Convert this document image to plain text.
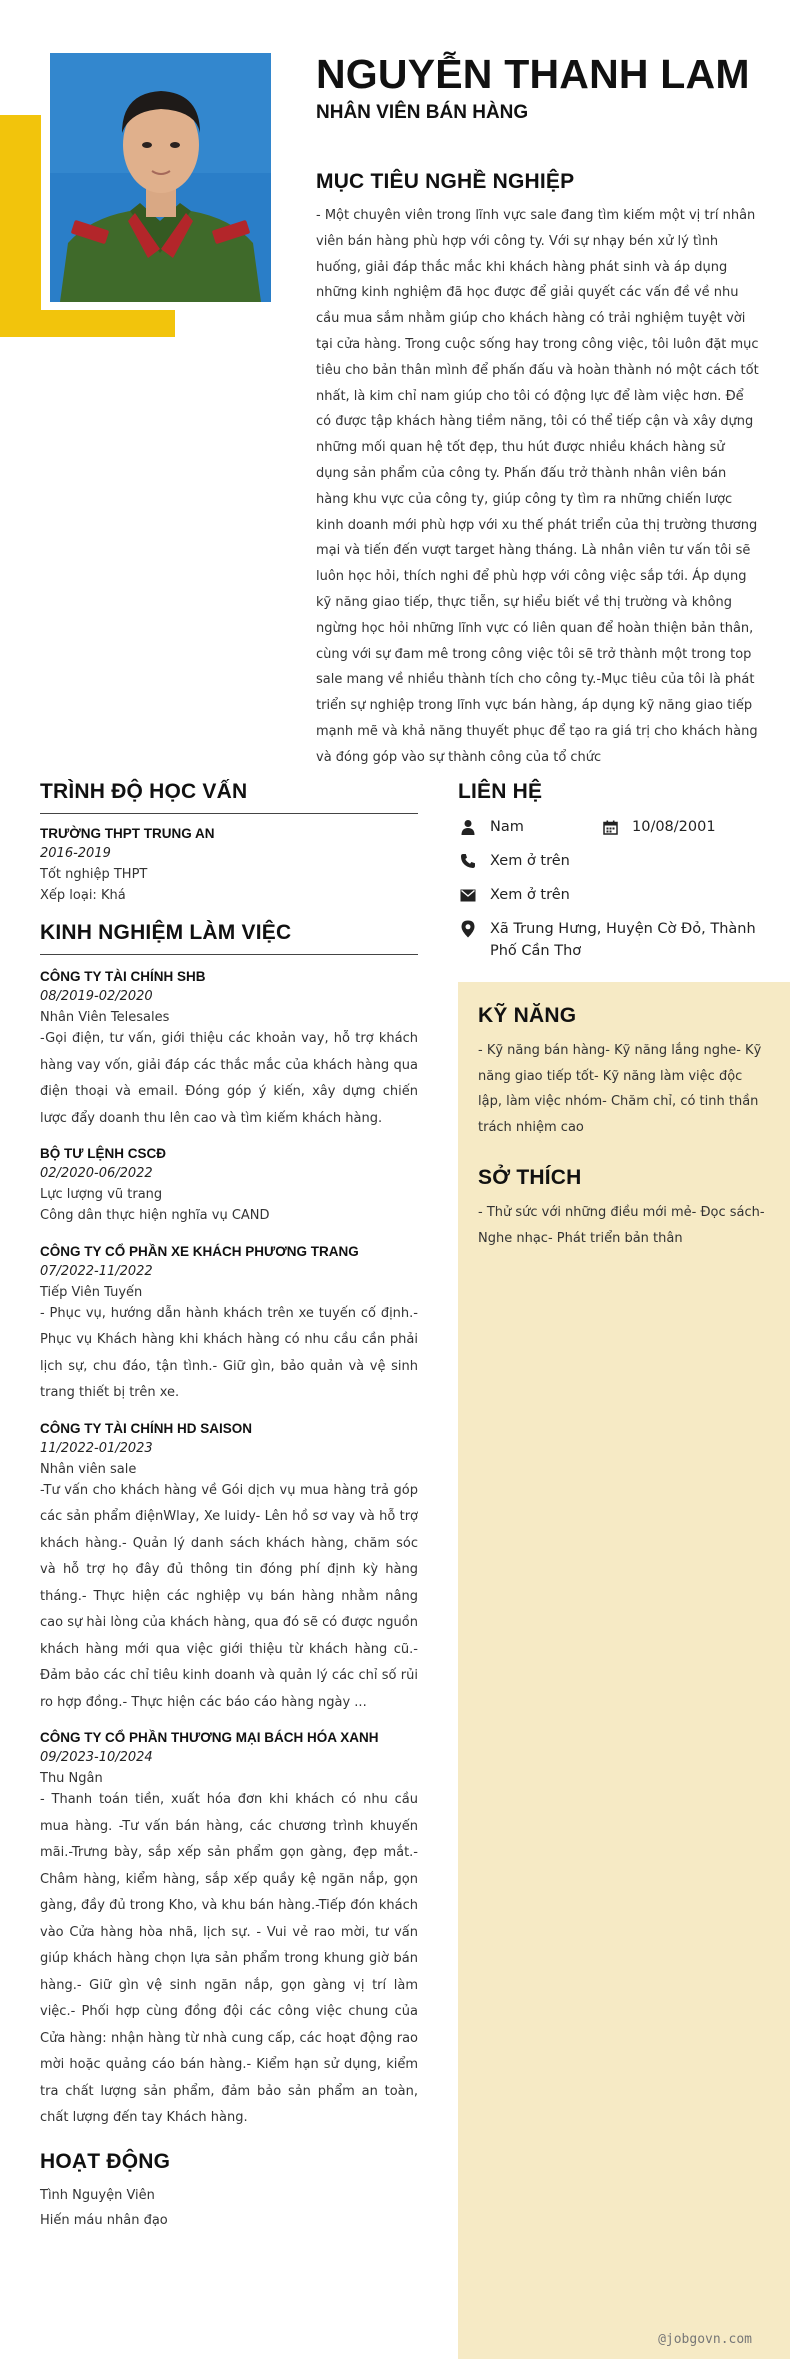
NGUYỄN THANH LAM
NHÂN VIÊN BÁN HÀNG
MỤC TIÊU NGHỀ NGHIỆP
- Một chuyên viên trong lĩnh vực sale đang tìm kiếm một vị trí nhân viên bán hàng phù hợp với công ty. Với sự nhạy bén xử lý tình huống, giải đáp thắc mắc khi khách hàng phát sinh và áp dụng những kinh nghiệm đã học được để giải quyết các vấn đề về nhu cầu mua sắm nhằm giúp cho khách hàng có trải nghiệm tuyệt vời tại cửa hàng. Trong cuộc sống hay trong công việc, tôi luôn đặt mục tiêu cho bản thân mình để phấn đấu và hoàn thành nó một cách tốt nhất, là kim chỉ nam giúp cho tôi có động lực để làm việc hơn. Để có được tập khách hàng tiềm năng, tôi có thể tiếp cận và xây dựng những mối quan hệ tốt đẹp, thu hút được nhiều khách hàng sử dụng sản phẩm của công ty. Phấn đấu trở thành nhân viên bán hàng khu vực của công ty, giúp công ty tìm ra những chiến lược kinh doanh mới phù hợp với xu thế phát triển của thị trường thương mại và tiến đến vượt target hàng tháng. Là nhân viên tư vấn tôi sẽ luôn học hỏi, thích nghi để phù hợp với công việc sắp tới. Áp dụng kỹ năng giao tiếp, thực tiễn, sự hiểu biết về thị trường và không ngừng học hỏi những lĩnh vực có liên quan để hoàn thiện bản thân, cùng với sự đam mê trong công việc tôi sẽ trở thành một trong top sale mang về nhiều thành tích cho công ty.-Mục tiêu của tôi là phát triển sự nghiệp trong lĩnh vực bán hàng, áp dụng kỹ năng giao tiếp mạnh mẽ và khả năng thuyết phục để tạo ra giá trị cho khách hàng và đóng góp vào sự thành công của tổ chức
TRÌNH ĐỘ HỌC VẤN
TRƯỜNG THPT TRUNG AN
2016-2019
Tốt nghiệp THPT
Xếp loại: Khá
KINH NGHIỆM LÀM VIỆC
CÔNG TY TÀI CHÍNH SHB
08/2019-02/2020
Nhân Viên Telesales
-Gọi điện, tư vấn, giới thiệu các khoản vay, hỗ trợ khách hàng vay vốn, giải đáp các thắc mắc của khách hàng qua điện thoại và email. Đóng góp ý kiến, xây dựng chiến lược đẩy doanh thu lên cao và tìm kiếm khách hàng.
BỘ TƯ LỆNH CSCĐ
02/2020-06/2022
Lực lượng vũ trang
Công dân thực hiện nghĩa vụ CAND
CÔNG TY CỔ PHẦN XE KHÁCH PHƯƠNG TRANG
07/2022-11/2022
Tiếp Viên Tuyến
- Phục vụ, hướng dẫn hành khách trên xe tuyến cố định.- Phục vụ Khách hàng khi khách hàng có nhu cầu cần phải lịch sự, chu đáo, tận tình.- Giữ gìn, bảo quản và vệ sinh trang thiết bị trên xe.
CÔNG TY TÀI CHÍNH HD SAISON
11/2022-01/2023
Nhân viên sale
-Tư vấn cho khách hàng về Gói dịch vụ mua hàng trả góp các sản phẩm điệnWlay, Xe luidy- Lên hồ sơ vay và hỗ trợ khách hàng.- Quản lý danh sách khách hàng, chăm sóc và hỗ trợ họ đây đủ thông tin đóng phí định kỳ hàng tháng.- Thực hiện các nghiệp vụ bán hàng nhằm nâng cao sự hài lòng của khách hàng, qua đó sẽ có được nguồn khách hàng mới qua việc giới thiệu từ khách hàng cũ.- Đảm bảo các chỉ tiêu kinh doanh và quản lý các chỉ số rủi ro hợp đồng.- Thực hiện các báo cáo hàng ngày ...
CÔNG TY CỔ PHẦN THƯƠNG MẠI BÁCH HÓA XANH
09/2023-10/2024
Thu Ngân
- Thanh toán tiền, xuất hóa đơn khi khách có nhu cầu mua hàng. -Tư vấn bán hàng, các chương trình khuyến mãi.-Trưng bày, sắp xếp sản phẩm gọn gàng, đẹp mắt.-Châm hàng, kiểm hàng, sắp xếp quầy kệ ngăn nắp, gọn gàng, đầy đủ trong Kho, và khu bán hàng.-Tiếp đón khách vào Cửa hàng hòa nhã, lịch sự. - Vui vẻ rao mời, tư vấn giúp khách hàng chọn lựa sản phẩm trong khung giờ bán hàng.- Giữ gìn vệ sinh ngăn nắp, gọn gàng vị trí làm việc.- Phối hợp cùng đồng đội các công việc chung của Cửa hàng: nhận hàng từ nhà cung cấp, các hoạt động rao mời hoặc quảng cáo bán hàng.- Kiểm hạn sử dụng, kiểm tra chất lượng sản phẩm, đảm bảo sản phẩm an toàn, chất lượng đến tay Khách hàng.
HOẠT ĐỘNG
Tình Nguyện Viên
Hiến máu nhân đạo
LIÊN HỆ
Nam	10/08/2001
Xem ở trên
Xem ở trên
Xã Trung Hưng, Huyện Cờ Đỏ, Thành Phố Cần Thơ
KỸ NĂNG
- Kỹ năng bán hàng- Kỹ năng lắng nghe- Kỹ năng giao tiếp tốt- Kỹ năng làm việc độc lập, làm việc nhóm- Chăm chỉ, có tinh thần trách nhiệm cao
SỞ THÍCH
- Thử sức với những điều mới mẻ- Đọc sách- Nghe nhạc- Phát triển bản thân
@jobgovn.com
